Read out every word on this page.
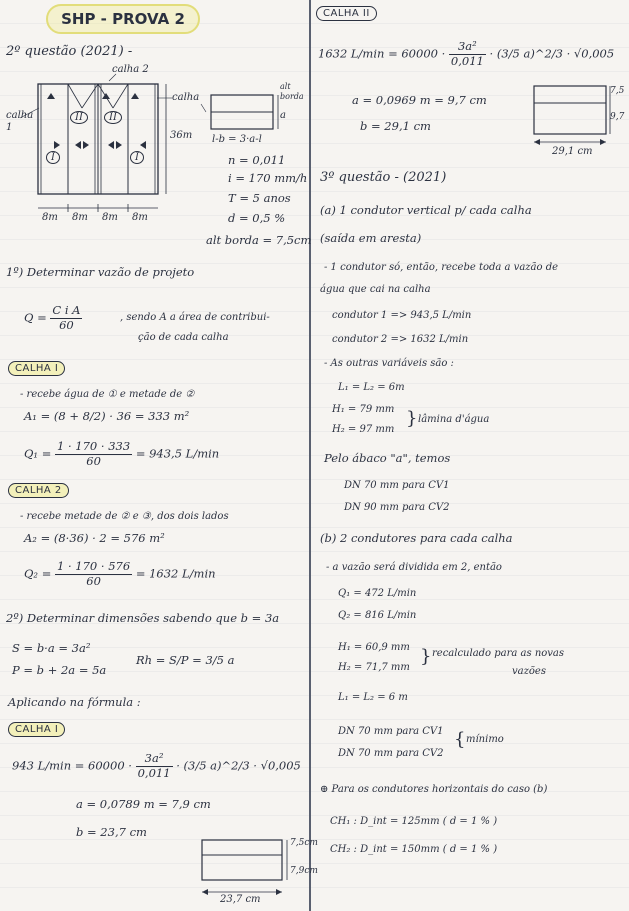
SHP - PROVA 2
2º questão (2021) -
calha 2
calha
calha 1
36m
8m 8m 8m 8m
I
II	II
I
alt borda
a
l-b = 3·a-l
n = 0,011
i = 170 mm/h
T = 5 anos
d = 0,5 %
alt borda = 7,5cm
1º) Determinar vazão de projeto
$Q = \frac{\text{C i A}}{60}$	, sendo A a área de contribui-
ção de cada calha
CALHA I
- recebe água de ① e metade de ②
A₁ = (8 + 8/2) · 36 = 333 m²
$Q_1 = \frac{1 \cdot 170 \cdot 333}{60} = 943,5$ L/min
CALHA 2
- recebe metade de ② e ③, dos dois lados
A₂ = (8·36) · 2 = 576 m²
$Q_2 = \frac{1 \cdot 170 \cdot 576}{60} = 1632$ L/min
2º) Determinar dimensões sabendo que b = 3a
S = b·a = 3a²
P = b + 2a = 5a
Rh = S/P = 3/5 a
Aplicando na fórmula :
CALHA I
943 $L/\min = 60000 \cdot \frac{\text{3a²}}{0,011} \cdot (3/5$ a)^2/3 · √0,005
a = 0,0789 m = 7,9 cm
b = 23,7 cm
7,5cm
7,9cm
23,7 cm
CALHA II
1632 $L/\min = 60000 \cdot \frac{\text{3a²}}{0,011} \cdot (3/5$ a)^2/3 · √0,005
a = 0,0969 m = 9,7 cm
b = 29,1 cm
7,5
9,7
29,1 cm
3º questão - (2021)
(a) 1 condutor vertical p/ cada calha
(saída em aresta)
- 1 condutor só, então, recebe toda a vazão de
água que cai na calha
condutor 1 => 943,5 L/min
condutor 2 => 1632 L/min
- As outras variáveis são :
L₁ = L₂ = 6m
H₁ = 79 mm
H₂ = 97 mm
} lâmina d'água
Pelo ábaco "a", temos
DN 70 mm para CV1
DN 90 mm para CV2
(b) 2 condutores para cada calha
- a vazão será dividida em 2, então
Q₁ = 472 L/min
Q₂ = 816 L/min
H₁ = 60,9 mm
H₂ = 71,7 mm
} recalculado para as novas
vazões
L₁ = L₂ = 6 m
DN 70 mm para CV1
DN 70 mm para CV2
{ mínimo
⊕ Para os condutores horizontais do caso (b)
CH₁ : D_int = 125mm ( d = 1 % )
CH₂ : D_int = 150mm ( d = 1 % )
